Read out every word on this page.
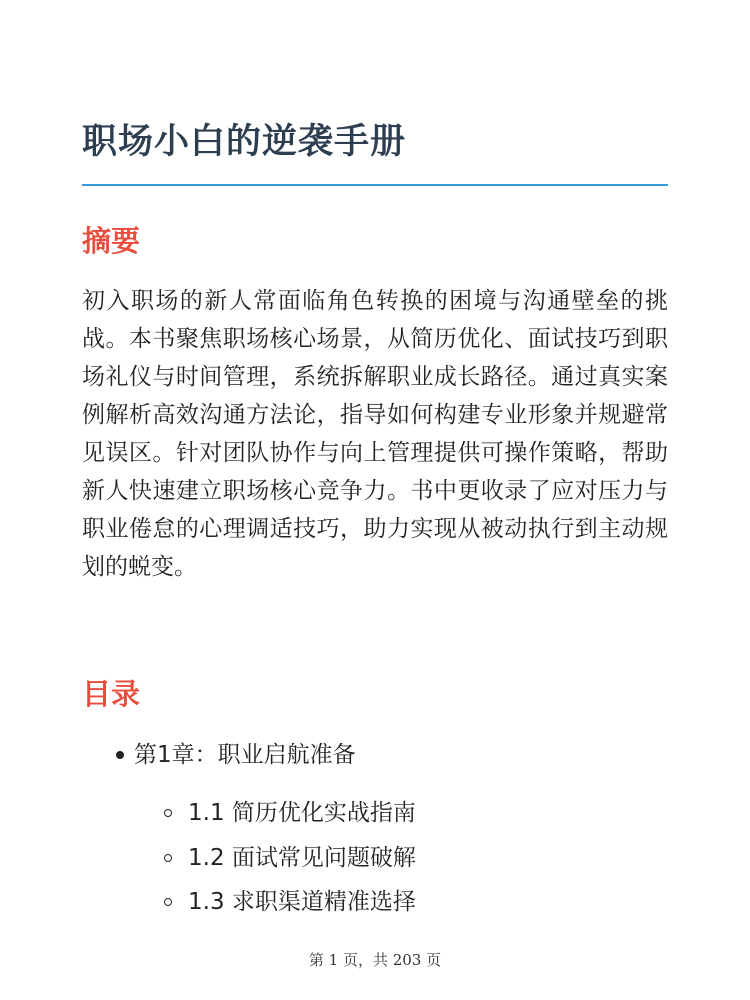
职场小白的逆袭手册
摘要

初入职场的新人常面临角色转换的困境与沟通壁垒的挑战。本书聚焦职场核心场景，从简历优化、面试技巧到职场礼仪与时间管理，系统拆解职业成长路径。通过真实案例解析高效沟通方法论，指导如何构建专业形象并规避常见误区。针对团队协作与向上管理提供可操作策略，帮助新人快速建立职场核心竞争力。书中更收录了应对压力与职业倦怠的心理调适技巧，助力实现从被动执行到主动规划的蜕变。

目录
第1章：职业启航准备
1.1 简历优化实战指南
1.2 面试常见问题破解
1.3 求职渠道精准选择
第 1 页，共 203 页
